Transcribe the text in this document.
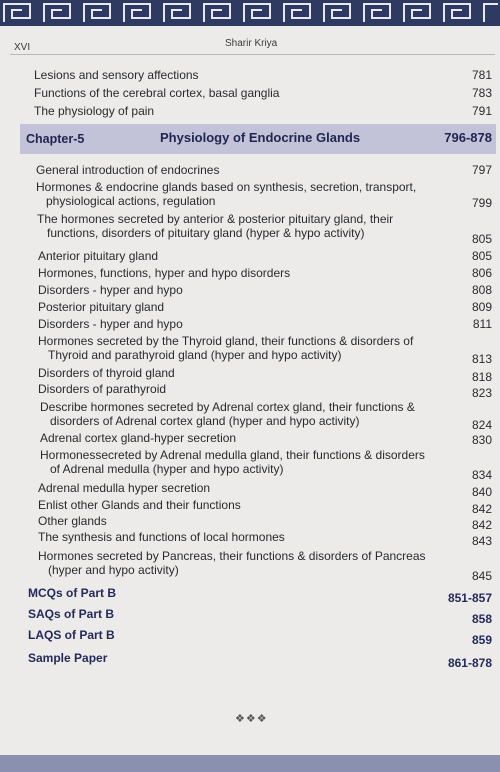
XVI	Sharir Kriya
Lesions and sensory affections	781
Functions of the cerebral cortex, basal ganglia	783
The physiology of pain	791
Chapter-5	Physiology of Endocrine Glands	796-878
General introduction of endocrines	797
Hormones & endocrine glands based on synthesis, secretion, transport,
physiological actions, regulation	799
The hormones secreted by anterior & posterior pituitary gland, their
functions, disorders of pituitary gland (hyper & hypo activity)	805
Anterior pituitary gland	805
Hormones, functions, hyper and hypo disorders	806
Disorders - hyper and hypo	808
Posterior pituitary gland	809
Disorders - hyper and hypo	811
Hormones secreted by the Thyroid gland, their functions & disorders of
Thyroid and parathyroid gland (hyper and hypo activity)	813
Disorders of thyroid gland	818
Disorders of parathyroid	823
Describe hormones secreted by Adrenal cortex gland, their functions &
disorders of Adrenal cortex gland (hyper and hypo activity)	824
Adrenal cortex gland-hyper secretion	830
Hormonessecreted by Adrenal medulla gland, their functions & disorders
of Adrenal medulla (hyper and hypo activity)	834
Adrenal medulla hyper secretion	840
Enlist other Glands and their functions	842
Other glands	842
The synthesis and functions of local hormones	843
Hormones secreted by Pancreas, their functions & disorders of Pancreas
(hyper and hypo activity)	845
MCQs of Part B	851-857
SAQs of Part B	858
LAQS of Part B	859
Sample Paper	861-878
❖❖❖
